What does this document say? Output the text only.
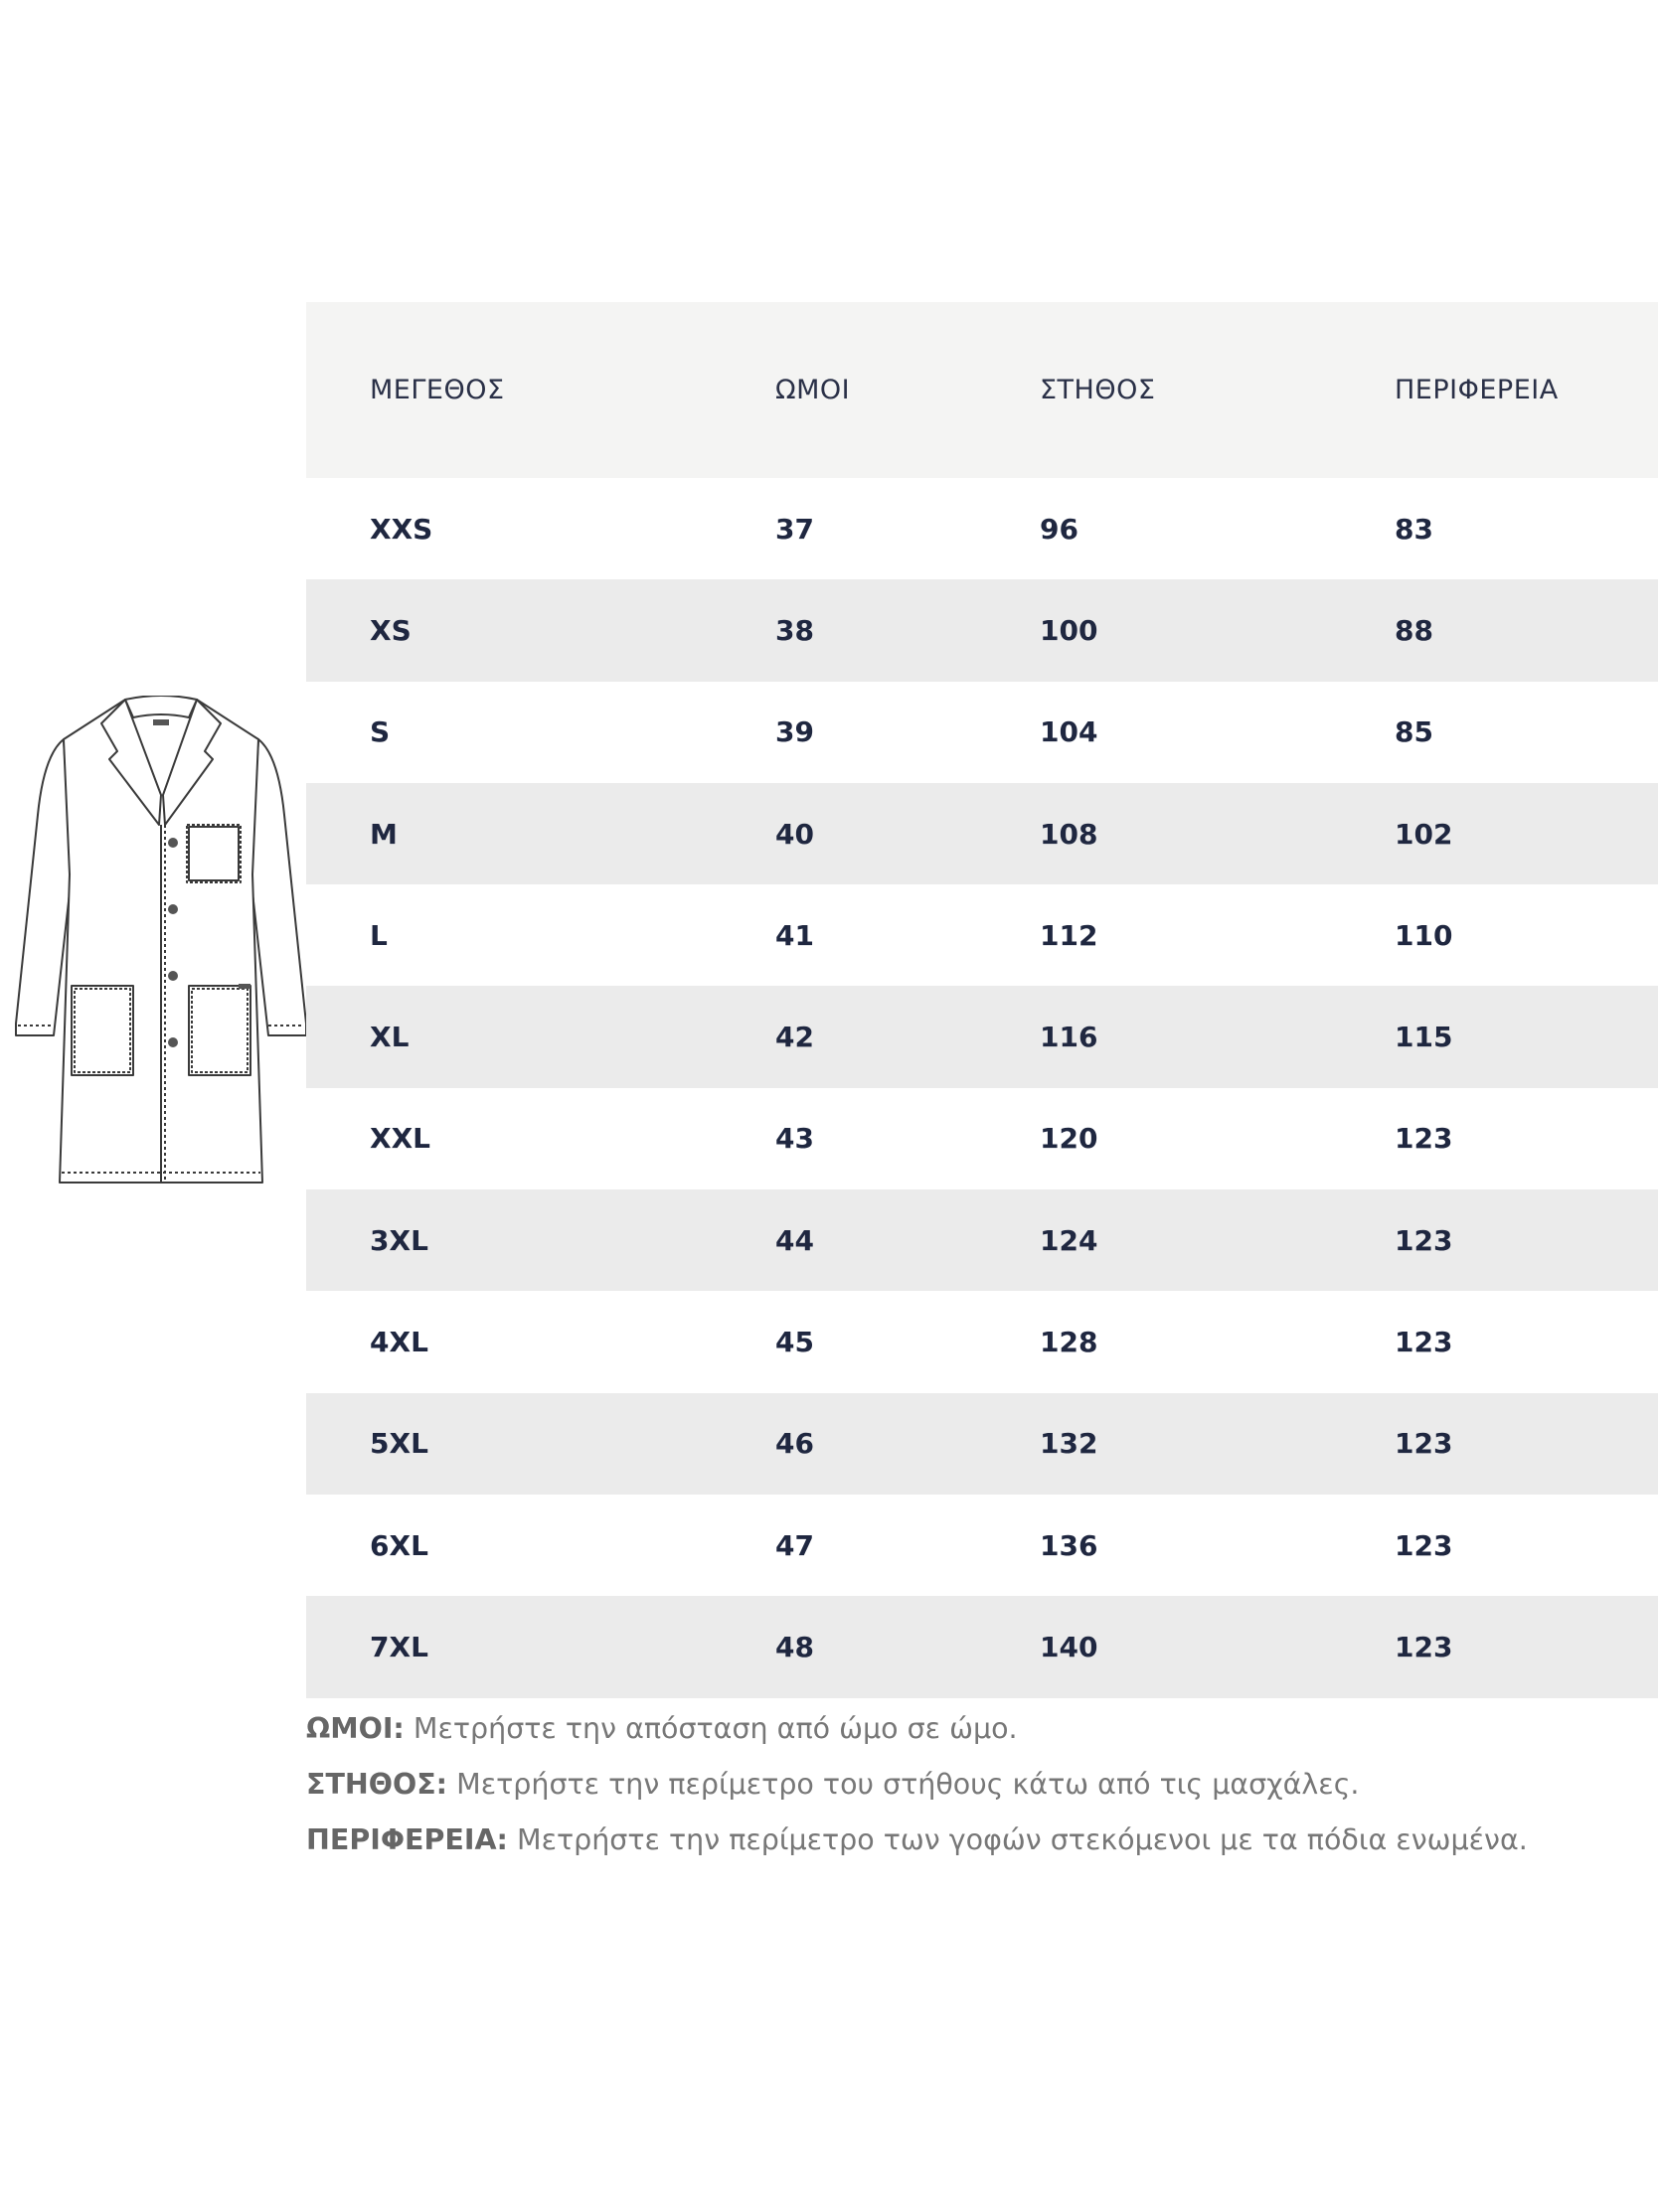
ΜΕΓΕΘΟΣ	ΩΜΟΙ	ΣΤΗΘΟΣ	ΠΕΡΙΦΕΡΕΙΑ
XXS	37	96	83
XS	38	100	88
S	39	104	85
M	40	108	102
L	41	112	110
XL	42	116	115
XXL	43	120	123
3XL	44	124	123
4XL	45	128	123
5XL	46	132	123
6XL	47	136	123
7XL	48	140	123
ΩΜΟΙ: Μετρήστε την απόσταση από ώμο σε ώμο.
ΣΤΗΘΟΣ: Μετρήστε την περίμετρο του στήθους κάτω από τις μασχάλες.
ΠΕΡΙΦΕΡΕΙΑ: Μετρήστε την περίμετρο των γοφών στεκόμενοι με τα πόδια ενωμένα.
